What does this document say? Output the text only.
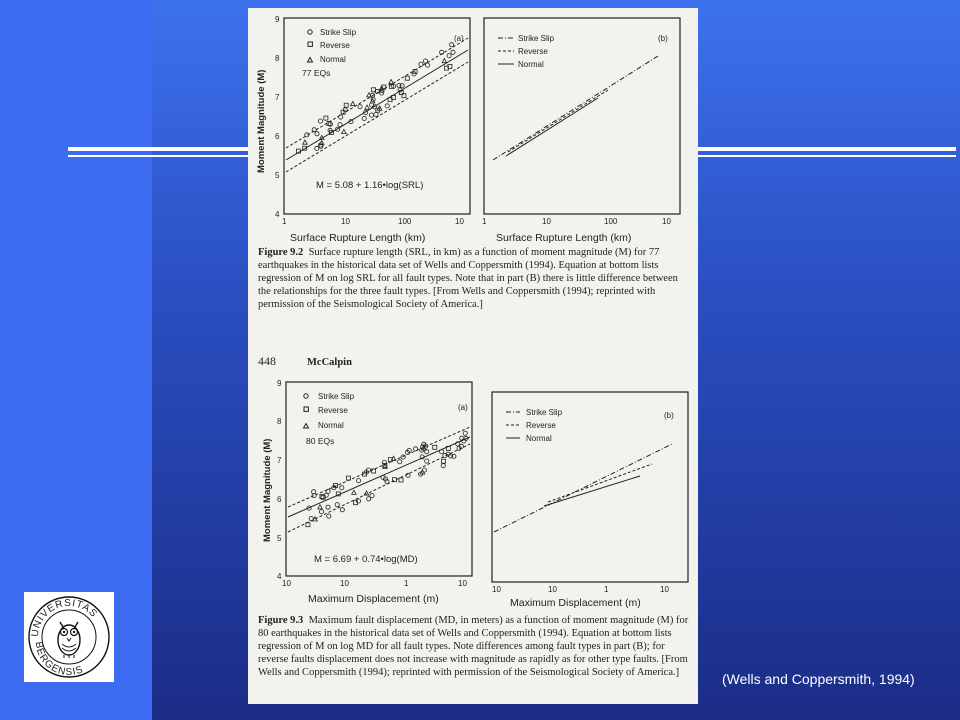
9
8
7
6
5
4
Moment Magnitude (M)
1	10	100	10
Surface Rupture Length (km)
(a)
Strike Slip
Reverse
Normal
77 EQs
M = 5.08 + 1.16•log(SRL)
(b)
Strike Slip
Reverse
Normal
1	10	100	10
Surface Rupture Length (km)
Figure 9.2 Surface rupture length (SRL, in km) as a function of moment magnitude (M) for 77 earthquakes in the historical data set of Wells and Coppersmith (1994). Equation at bottom lists regression of M on log SRL for all fault types. Note that in part (B) there is little difference between the relationships for the three fault types. [From Wells and Coppersmith (1994); reprinted with permission of the Seismological Society of America.]
448	McCalpin
9
8
7
6
5
4
Moment Magnitude (M)
10	10	1	10
Maximum Displacement (m)
(a)
Strike Slip
Reverse
Normal
80 EQs
M = 6.69 + 0.74•log(MD)
(b)
Strike Slip
Reverse
Normal
10	10	1	10
Maximum Displacement (m)
Figure 9.3 Maximum fault displacement (MD, in meters) as a function of moment magnitude (M) for 80 earthquakes in the historical data set of Wells and Coppersmith (1994). Equation at bottom lists regression of M on log MD for all fault types. Note differences among fault types in part (B); for reverse faults displacement does not increase with magnitude as rapidly as for other type faults. [From Wells and Coppersmith (1994); reprinted with permission of the Seismological Society of America.]
UNIVERSITAS
BERGENSIS
(Wells and Coppersmith, 1994)
